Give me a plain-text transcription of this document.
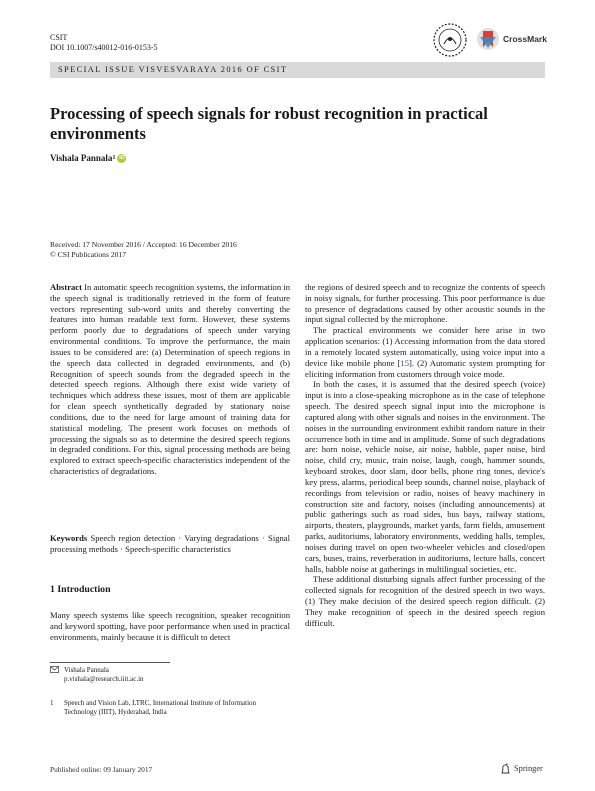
CSIT
DOI 10.1007/s40012-016-0153-5
CrossMark
SPECIAL ISSUE VISVESVARAYA 2016 OF CSIT
Processing of speech signals for robust recognition in practical environments
Vishala Pannala 1 iD
Received: 17 November 2016 / Accepted: 16 December 2016
© CSI Publications 2017

Abstract In automatic speech recognition systems, the information in the speech signal is traditionally retrieved in the form of feature vectors representing sub-word units and thereby converting the features into human readable text form. However, these systems perform poorly due to degradations of speech under varying environmental conditions. To improve the performance, the main issues to be considered are: (a) Determination of speech regions in the speech data collected in degraded environments, and (b) Recognition of speech sounds from the degraded speech in the detected speech regions. Although there exist wide variety of techniques which address these issues, most of them are applicable for clean speech synthetically degraded by stationary noise conditions, due to the need for large amount of training data for statistical modeling. The present work focuses on methods of processing the signals so as to determine the desired speech regions in degraded conditions. For this, signal processing methods are being explored to extract speech-specific characteristics independent of the characteristics of degradations.

Keywords Speech region detection · Varying degradations · Signal processing methods · Speech-specific characteristics
1 Introduction

Many speech systems like speech recognition, speaker recognition and keyword spotting, have poor performance when used in practical environments, mainly because it is difficult to detect

Vishala Pannala
p.vishala@research.iiit.ac.in
1 Speech and Vision Lab, LTRC, International Institute of Information Technology (IIIT), Hyderabad, India

the regions of desired speech and to recognize the contents of speech in noisy signals, for further processing. This poor performance is due to presence of degradations caused by other acoustic sounds in the input signal collected by the microphone.

The practical environments we consider here arise in two application scenarios: (1) Accessing information from the data stored in a remotely located system automatically, using voice input into a device like mobile phone [15]. (2) Automatic system prompting for eliciting information from customers through voice mode.

In both the cases, it is assumed that the desired speech (voice) input is into a close-speaking microphone as in the case of telephone speech. The desired speech signal input into the microphone is captured along with other signals and noises in the environment. The noises in the surrounding environment exhibit random nature in their occurrence both in time and in amplitude. Some of such degradations are: horn noise, vehicle noise, air noise, babble, paper noise, bird noise, child cry, music, train noise, laugh, cough, hammer sounds, keyboard strokes, door slam, door bells, phone ring tones, device's key press, alarms, periodical beep sounds, channel noise, playback of recordings from television or radio, noises of heavy machinery in construction site and factory, noises (including announcements) at public gatherings such as road sides, bus bays, railway stations, airports, theaters, playgrounds, market yards, farm fields, amusement parks, auditoriums, laboratory environments, wedding halls, temples, noises during travel on open two-wheeler vehicles and closed/open cars, buses, trains, reverberation in auditoriums, lecture halls, concert halls, babble noise at gatherings in multilingual societies, etc.

These additional disturbing signals affect further processing of the collected signals for recognition of the desired speech in two ways. (1) They make decision of the desired speech region difficult. (2) They make recognition of speech in the desired speech region difficult.

Published online: 09 January 2017	Springer
